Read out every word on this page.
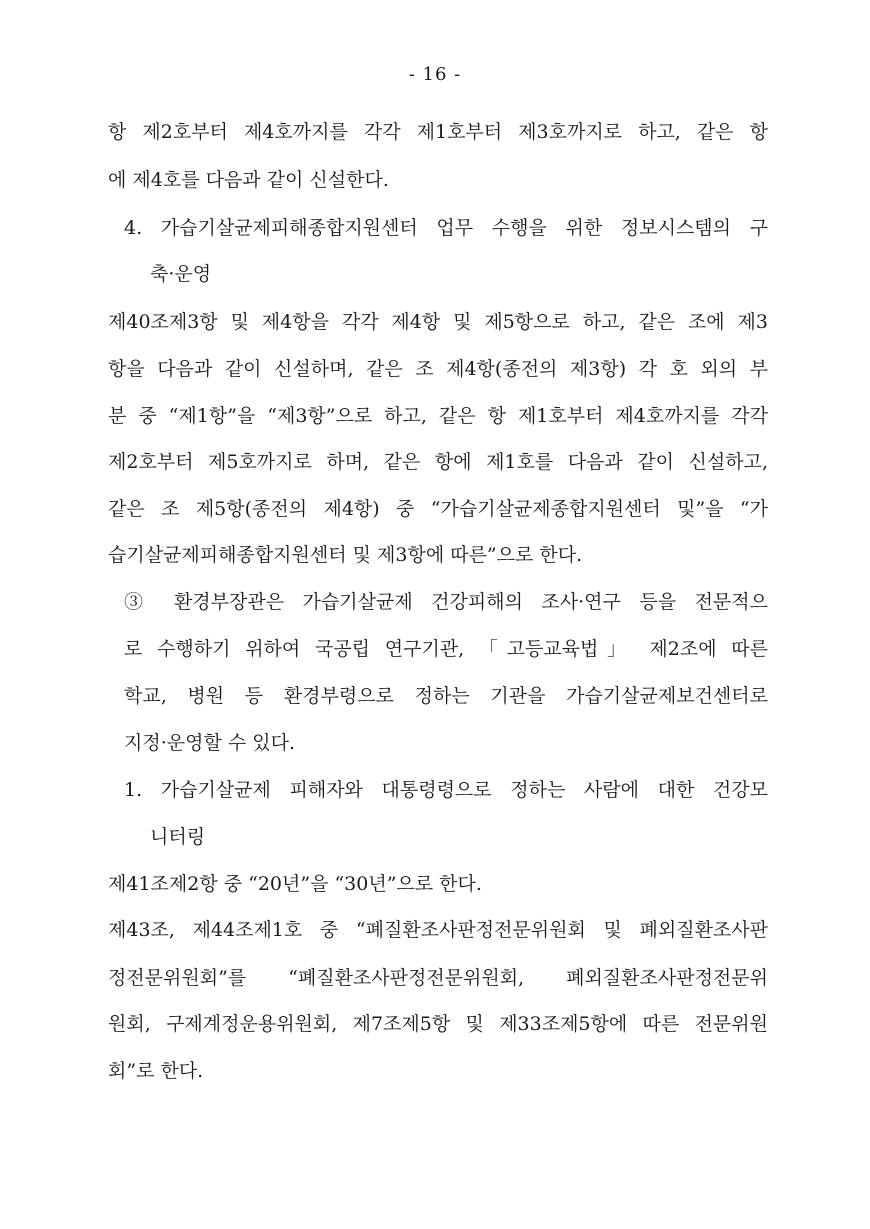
- 16 -
항 제2호부터 제4호까지를 각각 제1호부터 제3호까지로 하고, 같은 항
에 제4호를 다음과 같이 신설한다.
4. 가습기살균제피해종합지원센터 업무 수행을 위한 정보시스템의 구
축·운영
제40조제3항 및 제4항을 각각 제4항 및 제5항으로 하고, 같은 조에 제3
항을 다음과 같이 신설하며, 같은 조 제4항(종전의 제3항) 각 호 외의 부
분 중 “제1항”을 “제3항”으로 하고, 같은 항 제1호부터 제4호까지를 각각
제2호부터 제5호까지로 하며, 같은 항에 제1호를 다음과 같이 신설하고,
같은 조 제5항(종전의 제4항) 중 “가습기살균제종합지원센터 및”을 “가
습기살균제피해종합지원센터 및 제3항에 따른”으로 한다.
③ 환경부장관은 가습기살균제 건강피해의 조사·연구 등을 전문적으
로 수행하기 위하여 국공립 연구기관, 「고등교육법」 제2조에 따른
학교, 병원 등 환경부령으로 정하는 기관을 가습기살균제보건센터로
지정·운영할 수 있다.
1. 가습기살균제 피해자와 대통령령으로 정하는 사람에 대한 건강모
니터링
제41조제2항 중 “20년”을 “30년”으로 한다.
제43조, 제44조제1호 중 “폐질환조사판정전문위원회 및 폐외질환조사판
정전문위원회”를 “폐질환조사판정전문위원회, 폐외질환조사판정전문위
원회, 구제계정운용위원회, 제7조제5항 및 제33조제5항에 따른 전문위원
회”로 한다.
